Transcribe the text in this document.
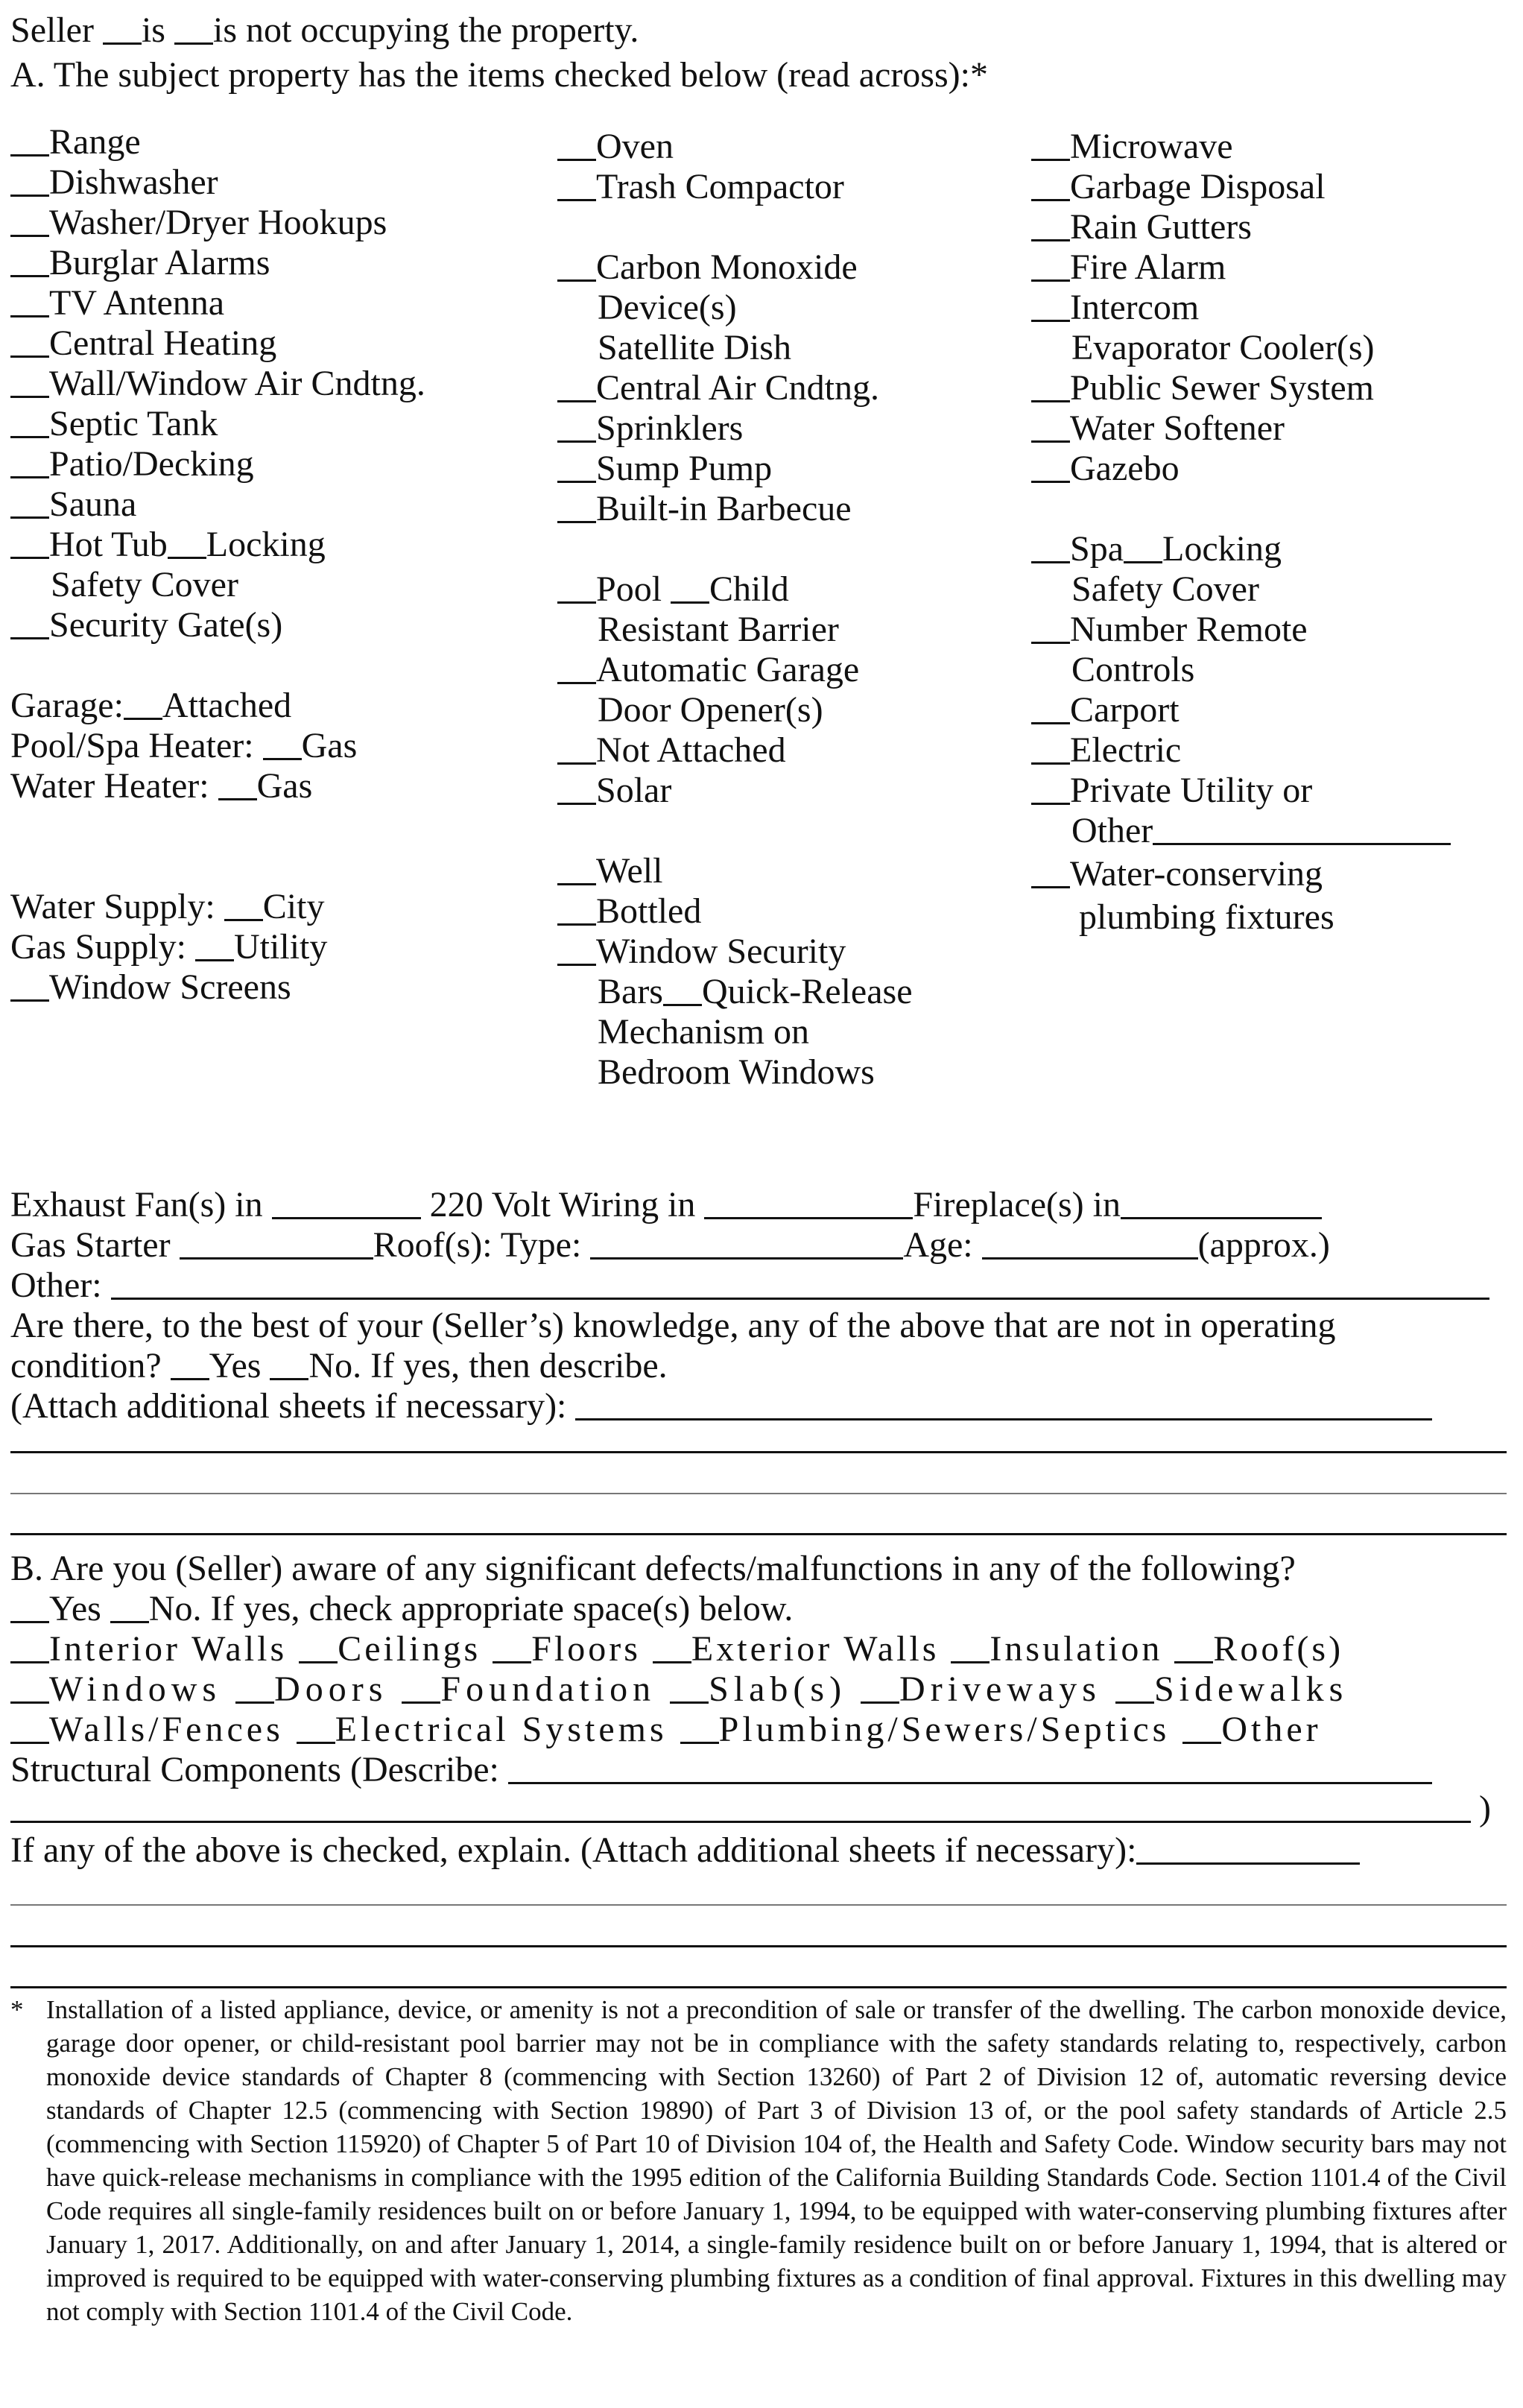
Seller is is not occupying the property.
A. The subject property has the items checked below (read across):*
Range
Dishwasher
Washer/Dryer Hookups
Burglar Alarms
TV Antenna
Central Heating
Wall/Window Air Cndtng.
Septic Tank
Patio/Decking
Sauna
Hot Tub Locking
Safety Cover
Security Gate(s)
Garage: Attached
Pool/Spa Heater: Gas
Water Heater: Gas
Water Supply: City
Gas Supply: Utility
Window Screens
Oven
Trash Compactor
Carbon Monoxide
Device(s)
Satellite Dish
Central Air Cndtng.
Sprinklers
Sump Pump
Built-in Barbecue
Pool Child
Resistant Barrier
Automatic Garage
Door Opener(s)
Not Attached
Solar
Well
Bottled
Window Security
Bars Quick-Release
Mechanism on
Bedroom Windows
Microwave
Garbage Disposal
Rain Gutters
Fire Alarm
Intercom
Evaporator Cooler(s)
Public Sewer System
Water Softener
Gazebo
Spa Locking
Safety Cover
Number Remote
Controls
Carport
Electric
Private Utility or
Other
Water-conserving
plumbing fixtures
Exhaust Fan(s) in	220 Volt Wiring in	Fireplace(s) in
Gas Starter	Roof(s): Type:	Age:	(approx.)
Other:
Are there, to the best of your (Seller’s) knowledge, any of the above that are not in operating
condition? Yes No. If yes, then describe.
(Attach additional sheets if necessary):
B. Are you (Seller) aware of any significant defects/malfunctions in any of the following?
Yes No. If yes, check appropriate space(s) below.
Interior Walls Ceilings Floors Exterior Walls Insulation Roof(s)
Windows Doors Foundation Slab(s) Driveways Sidewalks
Walls/Fences Electrical Systems Plumbing/Sewers/Septics Other
Structural Components (Describe:
)
If any of the above is checked, explain. (Attach additional sheets if necessary):
* Installation of a listed appliance, device, or amenity is not a precondition of sale or transfer of the dwelling. The carbon monoxide device, garage door opener, or child-resistant pool barrier may not be in compliance with the safety standards relating to, respectively, carbon monoxide device standards of Chapter 8 (commencing with Section 13260) of Part 2 of Division 12 of, automatic reversing device standards of Chapter 12.5 (commencing with Section 19890) of Part 3 of Division 13 of, or the pool safety standards of Article 2.5 (commencing with Section 115920) of Chapter 5 of Part 10 of Division 104 of, the Health and Safety Code. Window security bars may not have quick-release mechanisms in compliance with the 1995 edition of the California Building Standards Code. Section 1101.4 of the Civil Code requires all single-family residences built on or before January 1, 1994, to be equipped with water-conserving plumbing fixtures after January 1, 2017. Additionally, on and after January 1, 2014, a single-family residence built on or before January 1, 1994, that is altered or improved is required to be equipped with water-conserving plumbing fixtures as a condition of final approval. Fixtures in this dwelling may not comply with Section 1101.4 of the Civil Code.
